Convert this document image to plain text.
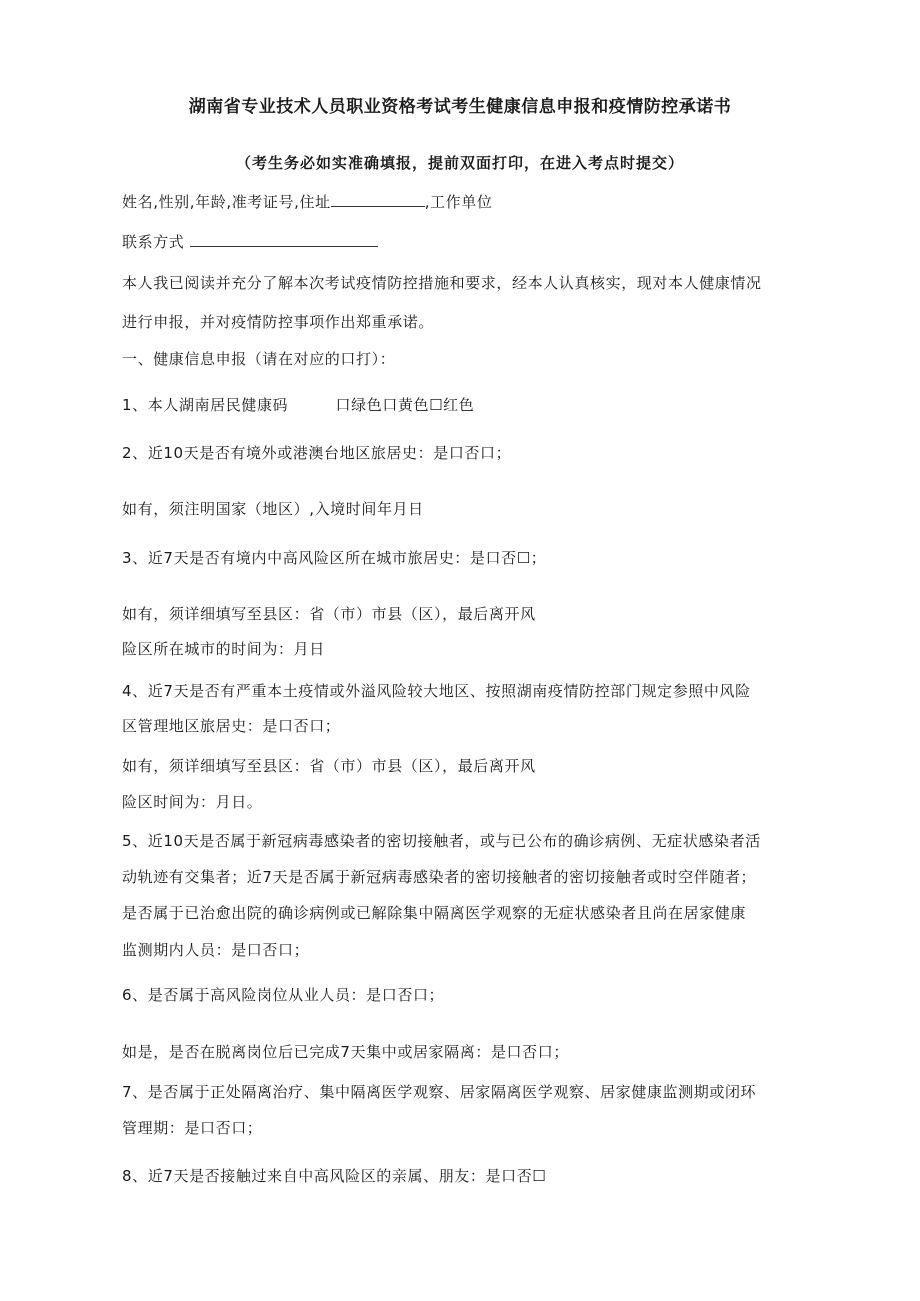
湖南省专业技术人员职业资格考试考生健康信息申报和疫情防控承诺书
（考生务必如实准确填报，提前双面打印，在进入考点时提交）
姓名,性别,年龄,准考证号,住址	,工作单位
联系方式
本人我已阅读并充分了解本次考试疫情防控措施和要求，经本人认真核实，现对本人健康情况
进行申报，并对疫情防控事项作出郑重承诺。
一、健康信息申报（请在对应的口打）：
1、本人湖南居民健康码	口绿色口黄色☐红色
2、近10天是否有境外或港澳台地区旅居史：是口否口；
如有，须注明国家（地区）,入境时间年月日
3、近7天是否有境内中高风险区所在城市旅居史：是口否☐；
如有，须详细填写至县区：省（市）市县（区），最后离开风
险区所在城市的时间为：月日
4、近7天是否有严重本土疫情或外溢风险较大地区、按照湖南疫情防控部门规定参照中风险
区管理地区旅居史：是口否口；
如有，须详细填写至县区：省（市）市县（区），最后离开风
险区时间为：月日。
5、近10天是否属于新冠病毒感染者的密切接触者，或与已公布的确诊病例、无症状感染者活
动轨迹有交集者；近7天是否属于新冠病毒感染者的密切接触者的密切接触者或时空伴随者；
是否属于已治愈出院的确诊病例或已解除集中隔离医学观察的无症状感染者且尚在居家健康
监测期内人员：是口否口；
6、是否属于高风险岗位从业人员：是口否口；
如是，是否在脱离岗位后已完成7天集中或居家隔离：是口否口；
7、是否属于正处隔离治疗、集中隔离医学观察、居家隔离医学观察、居家健康监测期或闭环
管理期：是口否口；
8、近7天是否接触过来自中高风险区的亲属、朋友：是口否☐
